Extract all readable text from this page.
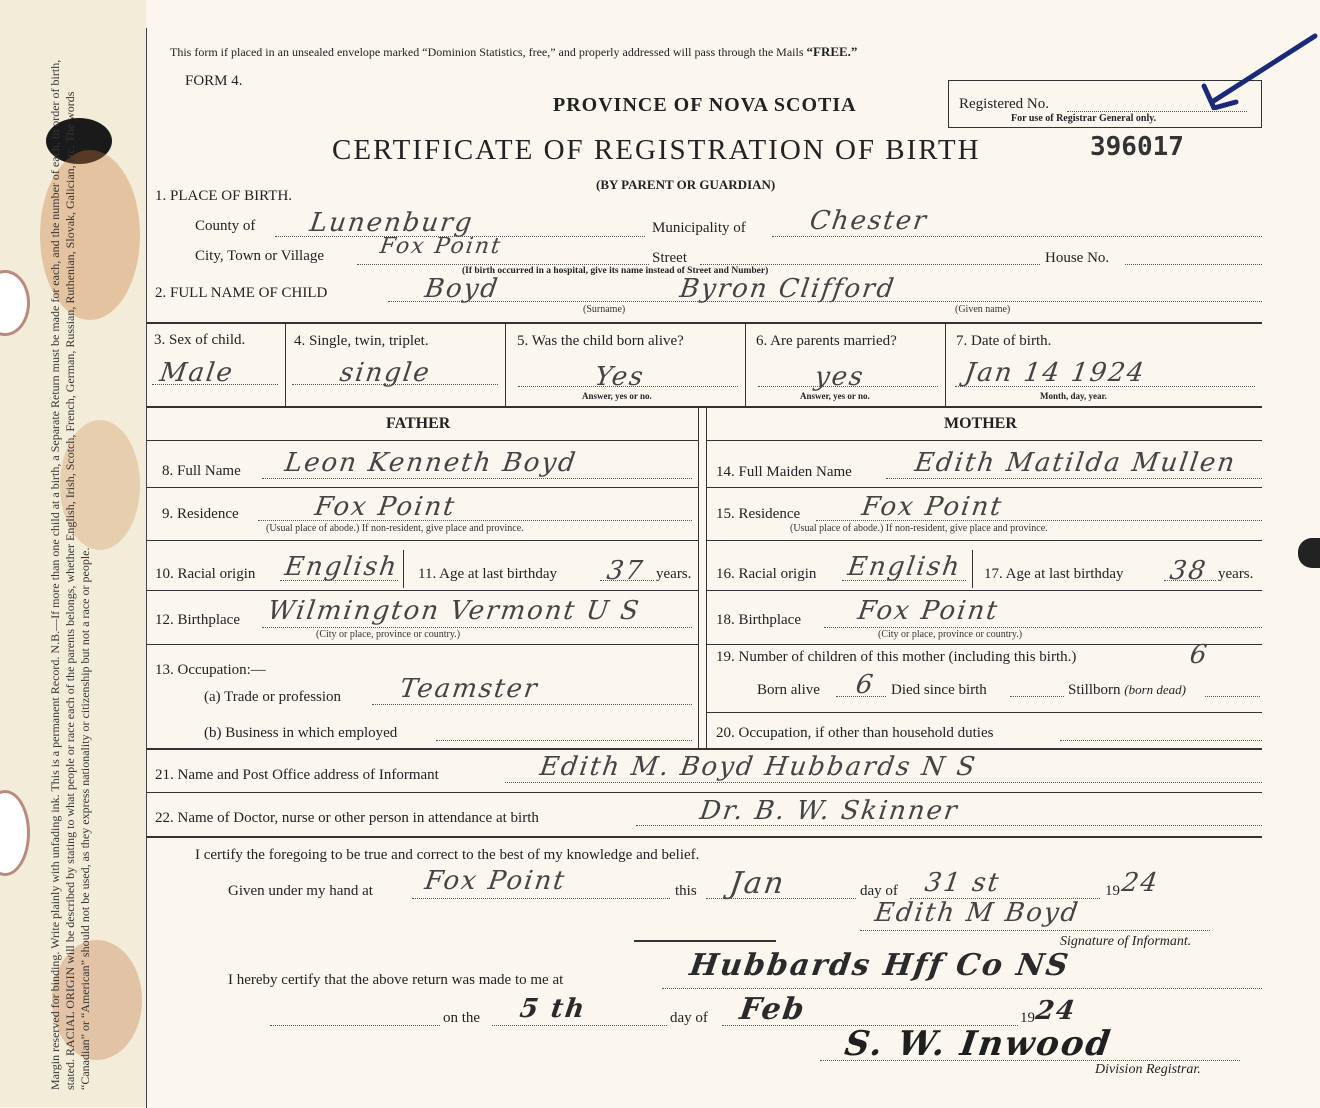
Margin reserved for binding. Write plainly with unfading ink. This is a permanent Record. N.B.—If more than one child at a birth, a Separate Return must be made for each, and the number of each, in order of birth, stated. RACIAL ORIGIN will be described by stating to what people or race each of the parents belongs, whether English, Irish, Scotch, French, German, Russian, Ruthenian, Slovak, Galician, etc. The words “Canadian” or “American” should not be used, as they express nationality or citizenship but not a race or people.
This form if placed in an unsealed envelope marked “Dominion Statistics, free,” and properly addressed will pass through the Mails “FREE.”
FORM 4.
PROVINCE OF NOVA SCOTIA
CERTIFICATE OF REGISTRATION OF BIRTH	396017
(BY PARENT OR GUARDIAN)
Registered No.
For use of Registrar General only.
1. PLACE OF BIRTH.
County of Lunenburg	Municipality of Chester
City, Town or Village Fox Point	Street	House No.
(If birth occurred in a hospital, give its name instead of Street and Number)
2. FULL NAME OF CHILD	Boyd	Byron Clifford
(Surname)	(Given name)
3. Sex of child.
Male
4. Single, twin, triplet.
single
5. Was the child born alive?
Yes
Answer, yes or no.
6. Are parents married?
yes
Answer, yes or no.
7. Date of birth.
Jan 14 1924
Month, day, year.
FATHER	MOTHER
8. Full Name Leon Kenneth Boyd
9. Residence	Fox Point
(Usual place of abode.) If non-resident, give place and province.
10. Racial origin English 11. Age at last birthday 37 years.
12. Birthplace Wilmington Vermont U S
(City or place, province or country.)
13. Occupation:—
(a) Trade or profession Teamster
(b) Business in which employed
14. Full Maiden Name Edith Matilda Mullen
15. Residence Fox Point
(Usual place of abode.) If non-resident, give place and province.
16. Racial origin English 17. Age at last birthday 38 years.
18. Birthplace Fox Point
(City or place, province or country.)
19. Number of children of this mother (including this birth.)	6
Born alive 6 Died since birth	Stillborn (born dead)
20. Occupation, if other than household duties
21. Name and Post Office address of Informant	Edith M. Boyd Hubbards N S
22. Name of Doctor, nurse or other person in attendance at birth	Dr. B. W. Skinner
I certify the foregoing to be true and correct to the best of my knowledge and belief.
Given under my hand at Fox Point	this Jan	day of 31 st	19 24
Edith M Boyd
Signature of Informant.
I hereby certify that the above return was made to me at	Hubbards Hff Co NS
on the 5 th	day of Feb	19
24
S. W. Inwood
Division Registrar.
